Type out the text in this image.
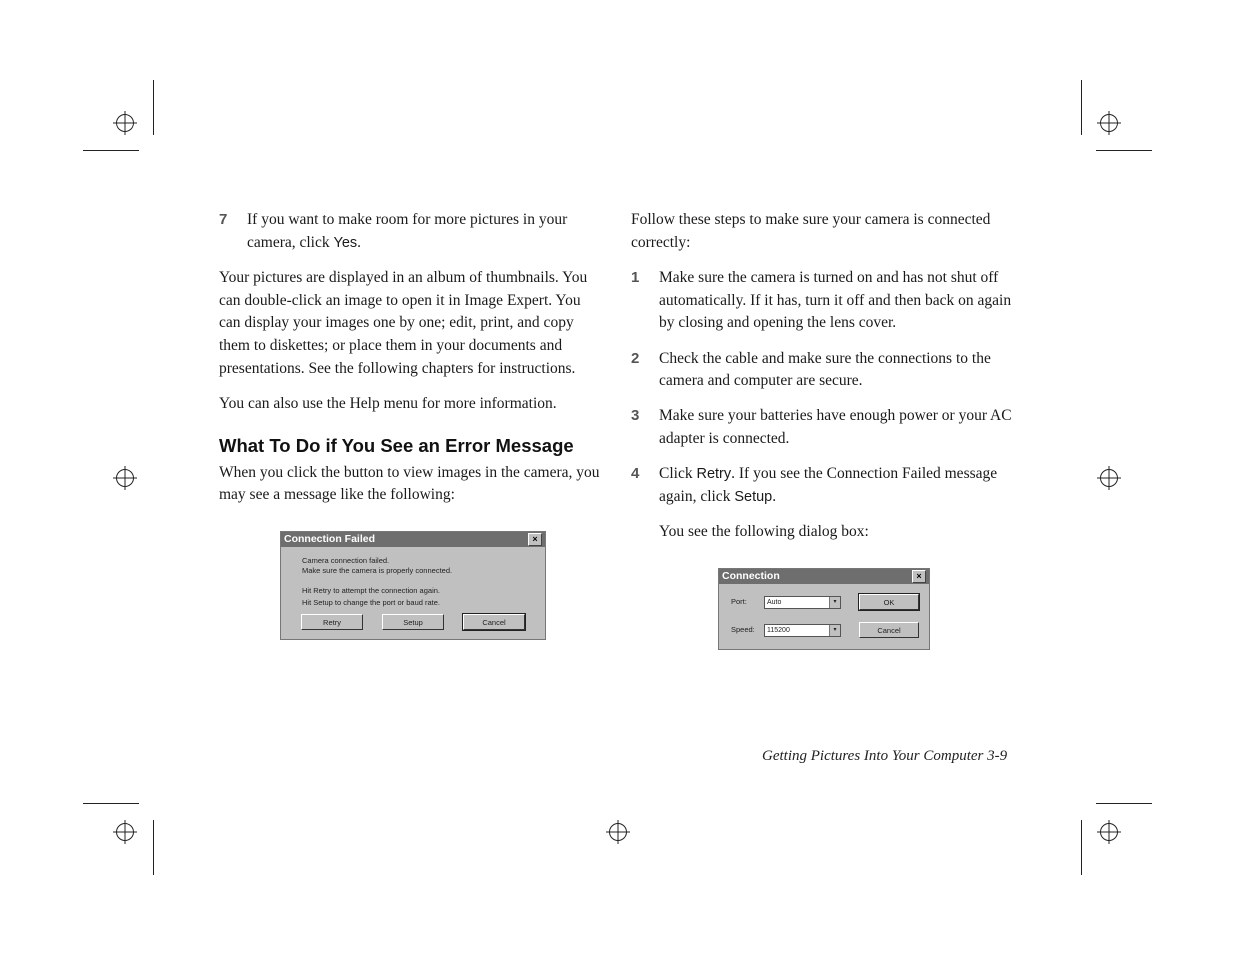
7 If you want to make room for more pictures in your camera, click Yes.

Your pictures are displayed in an album of thumbnails. You can double-click an image to open it in Image Expert. You can display your images one by one; edit, print, and copy them to diskettes; or place them in your documents and presentations. See the following chapters for instructions.

You can also use the Help menu for more information.

What To Do if You See an Error Message

When you click the button to view images in the camera, you may see a message like the following:

Connection Failed	×
Camera connection failed.
Make sure the camera is properly connected.
Hit Retry to attempt the connection again.
Hit Setup to change the port or baud rate.
Retry	Setup	Cancel

Follow these steps to make sure your camera is connected correctly:

1 Make sure the camera is turned on and has not shut off automatically. If it has, turn it off and then back on again by closing and opening the lens cover.
2 Check the cable and make sure the connections to the camera and computer are secure.
3 Make sure your batteries have enough power or your AC adapter is connected.
4 Click Retry. If you see the Connection Failed message again, click Setup.

You see the following dialog box:

Connection	×
Port:	Auto	▾
Speed:	115200	▾
OK
Cancel
Getting Pictures Into Your Computer 3-9
